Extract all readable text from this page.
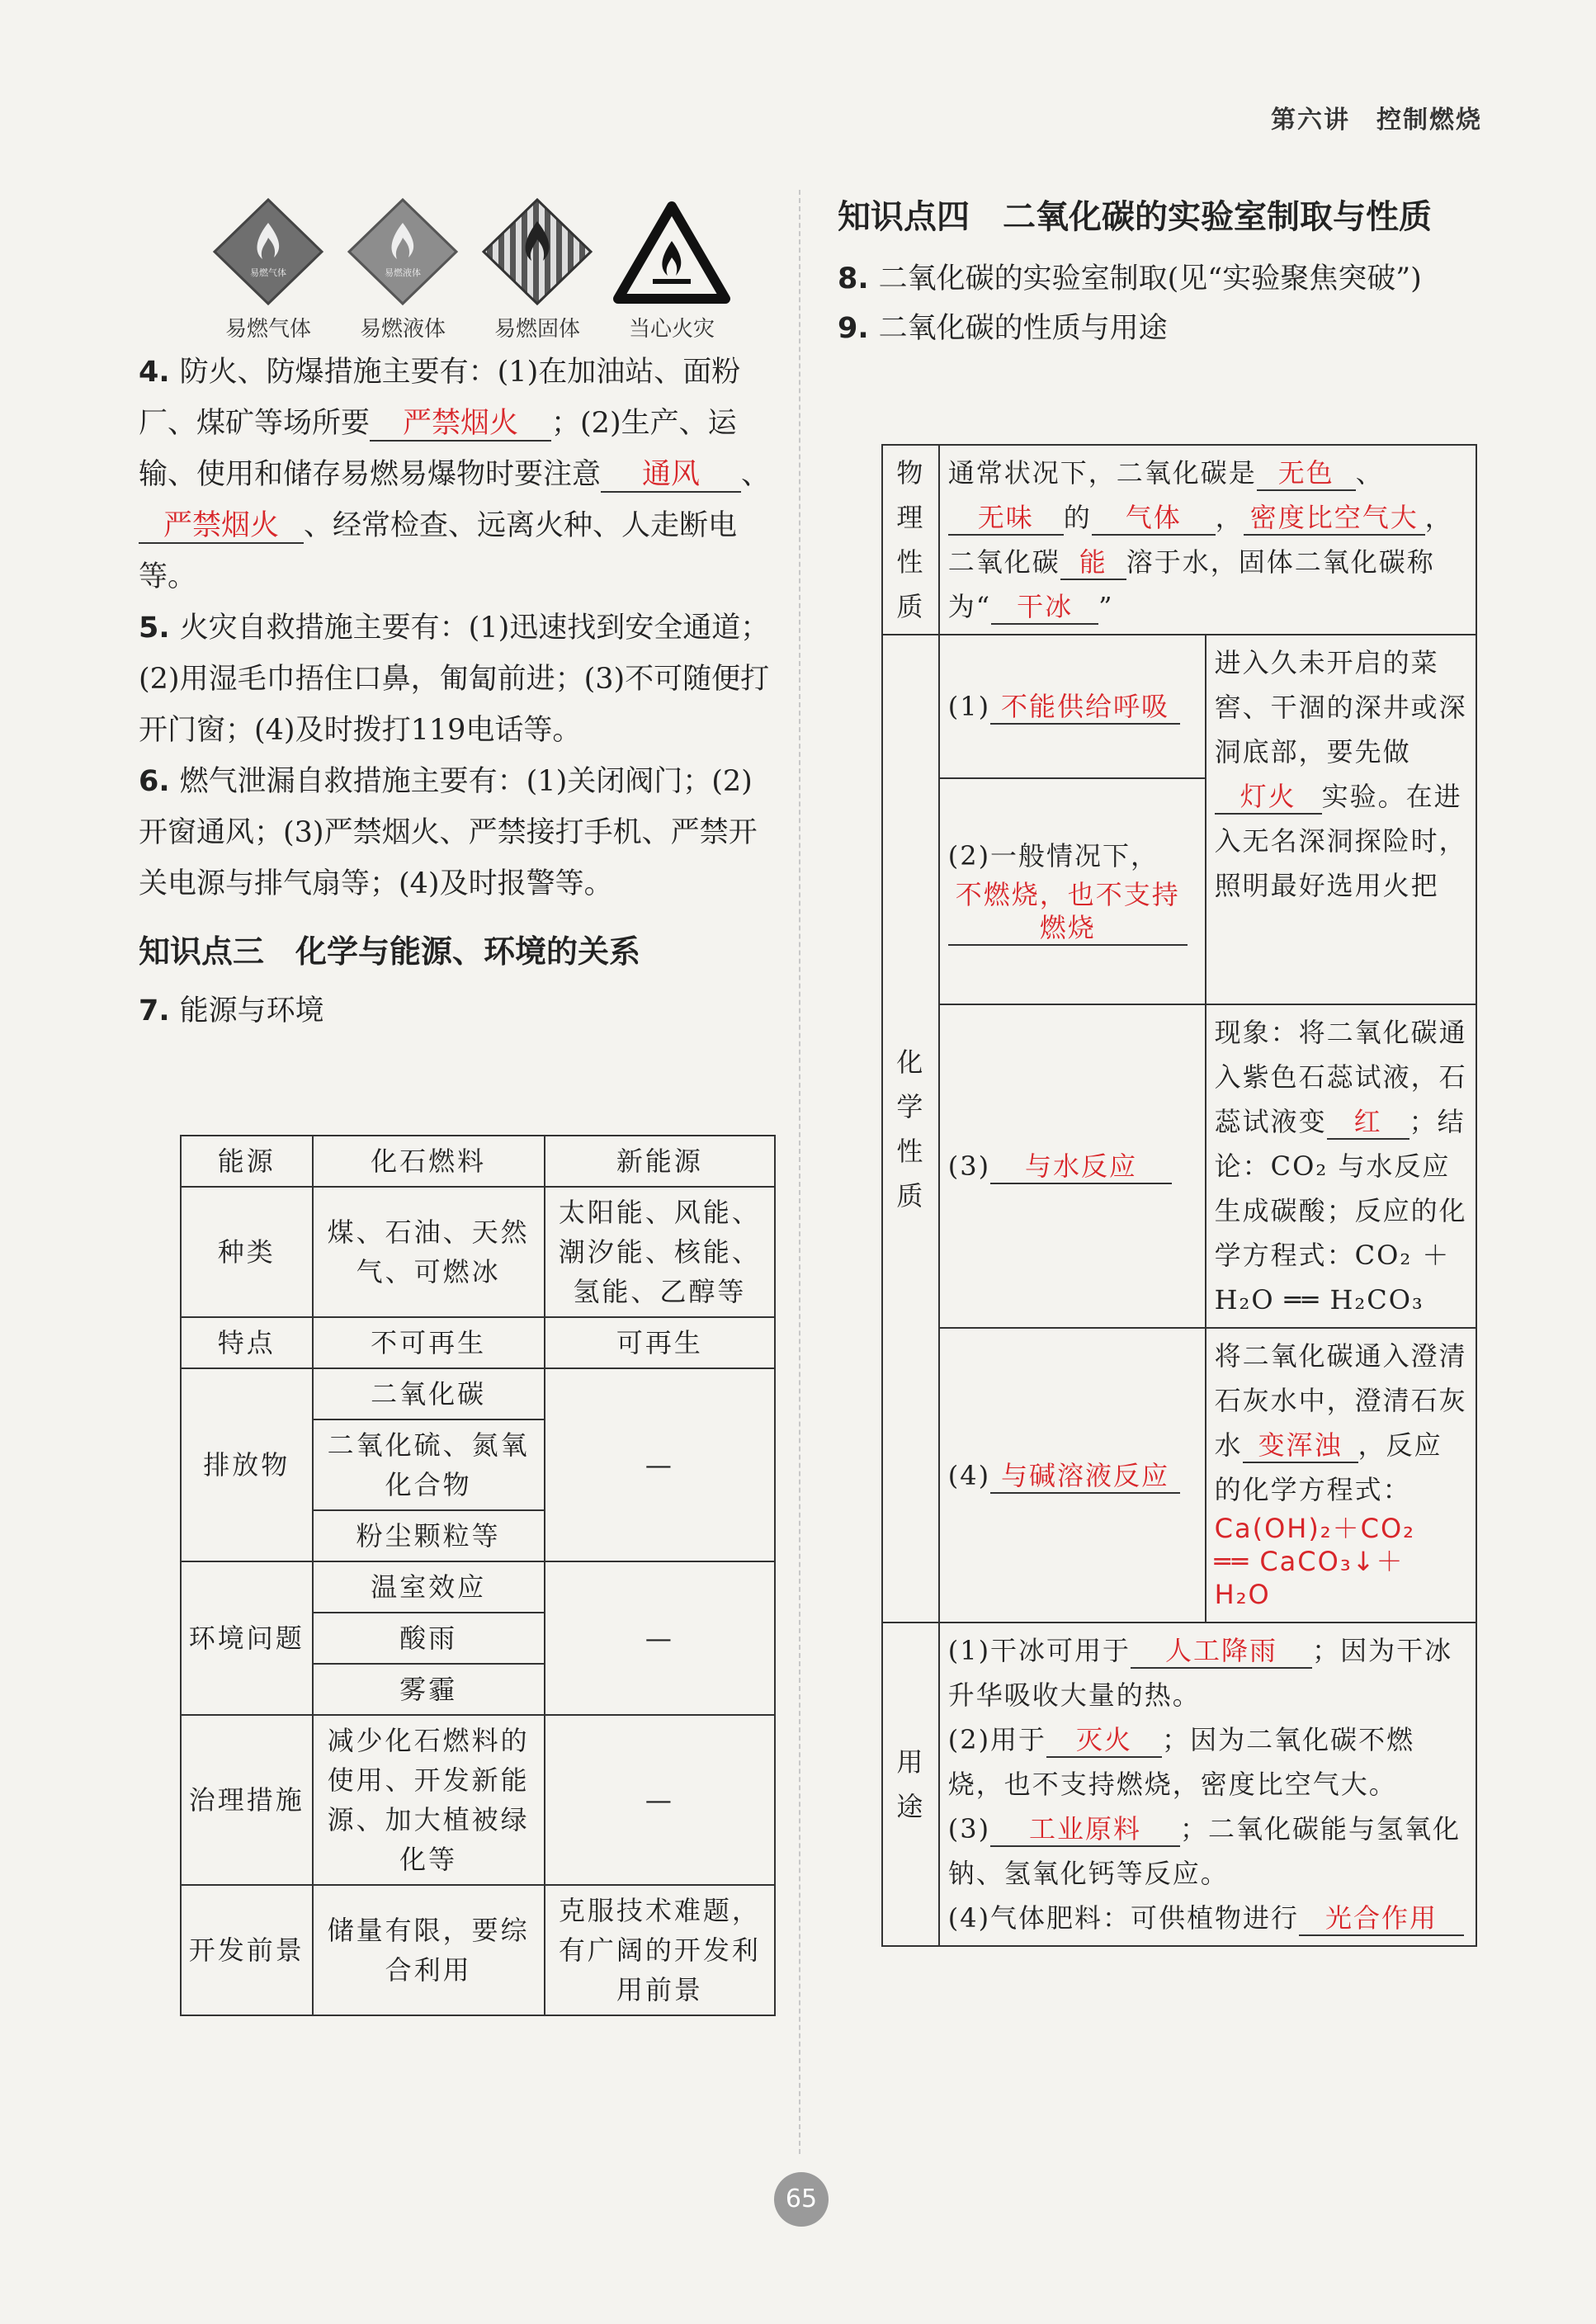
第六讲　控制燃烧
易燃气体
易燃气体
易燃液体
易燃液体	易燃固体	当心火灾

4. 防火、防爆措施主要有：(1)在加油站、面粉厂、煤矿等场所要 严禁烟火 ；(2)生产、运输、使用和储存易燃易爆物时要注意 通风 、严禁烟火 、经常检查、远离火种、人走断电等。

5. 火灾自救措施主要有：(1)迅速找到安全通道；(2)用湿毛巾捂住口鼻，匍匐前进；(3)不可随便打开门窗；(4)及时拨打119电话等。

6. 燃气泄漏自救措施主要有：(1)关闭阀门；(2)开窗通风；(3)严禁烟火、严禁接打手机、严禁开关电源与排气扇等；(4)及时报警等。

知识点三　化学与能源、环境的关系

7. 能源与环境

能源	化石燃料	新能源
种类	煤、石油、天然气、可燃冰	太阳能、风能、潮汐能、核能、氢能、乙醇等
特点	不可再生	可再生
排放物	二氧化碳	—
	二氧化硫、氮氧化合物	
	粉尘颗粒等	
环境问题	温室效应	—
	酸雨	
	雾霾	
治理措施	减少化石燃料的使用、开发新能源、加大植被绿化等	—
开发前景	储量有限，要综合利用	克服技术难题，有广阔的开发利用前景
知识点四　二氧化碳的实验室制取与性质
8. 二氧化碳的实验室制取(见“实验聚焦突破”)
9. 二氧化碳的性质与用途
物理性质	通常状况下，二氧化碳是 无色 、无味 的 气体 ， 密度比空气大 ，二氧化碳 能 溶于水，固体二氧化碳称为“ 干冰 ”	
化学性质	(1) 不能供给呼吸	进入久未开启的菜窖、干涸的深井或深洞底部，要先做灯火 实验。在进入无名深洞探险时，照明最好选用火把
	(2)一般情况下，不燃烧，也不支持燃烧	
	(3) 与水反应	现象：将二氧化碳通入紫色石蕊试液，石蕊试液变 红 ；结论：CO₂ 与水反应生成碳酸；反应的化学方程式：CO₂ ＋ H₂O ══ H₂CO₃
	(4) 与碱溶液反应	将二氧化碳通入澄清石灰水中，澄清石灰水 变浑浊 ，反应的化学方程式：Ca(OH)₂＋CO₂ ══ CaCO₃↓＋H₂O
用途	(1)干冰可用于 人工降雨 ；因为干冰升华吸收大量的热。
(2)用于 灭火 ；因为二氧化碳不燃烧，也不支持燃烧，密度比空气大。
(3) 工业原料 ；二氧化碳能与氢氧化钠、氢氧化钙等反应。
(4)气体肥料：可供植物进行 光合作用	
65
